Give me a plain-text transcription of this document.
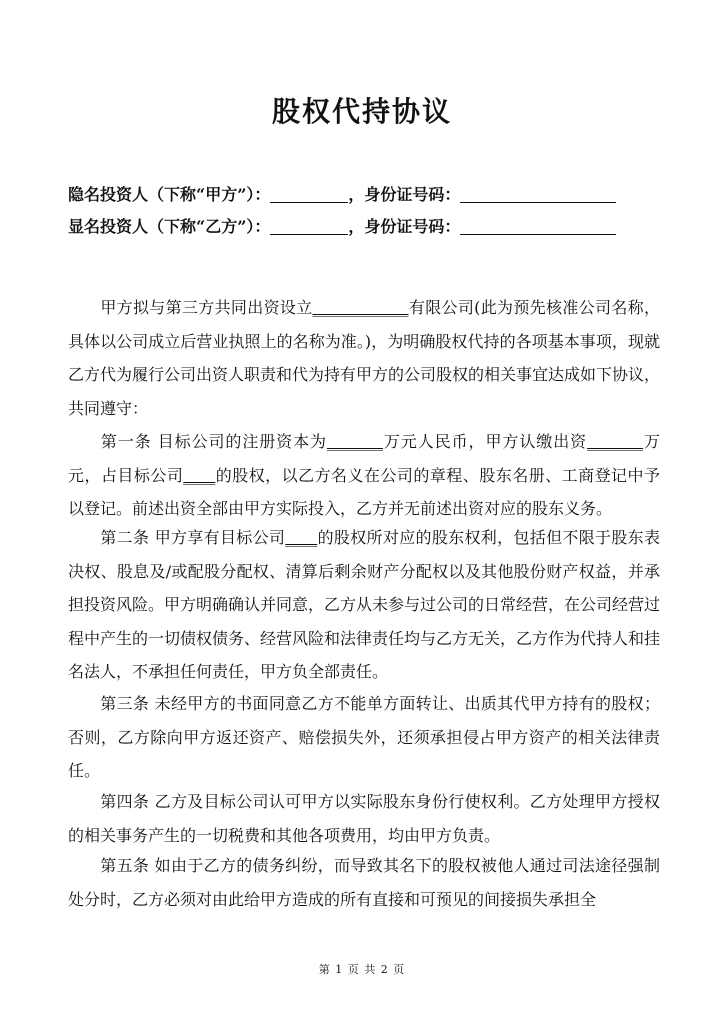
股权代持协议
隐名投资人（下称“甲方”）：	，身份证号码：
显名投资人（下称“乙方”）：	，身份证号码：
甲方拟与第三方共同出资设立____________有限公司(此为预先核准公司名称，具体以公司成立后营业执照上的名称为准。)，为明确股权代持的各项基本事项，现就乙方代为履行公司出资人职责和代为持有甲方的公司股权的相关事宜达成如下协议，共同遵守：
第一条 目标公司的注册资本为_______万元人民币，甲方认缴出资_______万元，占目标公司____的股权，以乙方名义在公司的章程、股东名册、工商登记中予以登记。前述出资全部由甲方实际投入，乙方并无前述出资对应的股东义务。
第二条 甲方享有目标公司____的股权所对应的股东权利，包括但不限于股东表决权、股息及/或配股分配权、清算后剩余财产分配权以及其他股份财产权益，并承担投资风险。甲方明确确认并同意，乙方从未参与过公司的日常经营，在公司经营过程中产生的一切债权债务、经营风险和法律责任均与乙方无关，乙方作为代持人和挂名法人，不承担任何责任，甲方负全部责任。
第三条 未经甲方的书面同意乙方不能单方面转让、出质其代甲方持有的股权；否则，乙方除向甲方返还资产、赔偿损失外，还须承担侵占甲方资产的相关法律责任。
第四条 乙方及目标公司认可甲方以实际股东身份行使权利。乙方处理甲方授权的相关事务产生的一切税费和其他各项费用，均由甲方负责。
第五条 如由于乙方的债务纠纷，而导致其名下的股权被他人通过司法途径强制处分时，乙方必须对由此给甲方造成的所有直接和可预见的间接损失承担全
第 1 页 共 2 页
